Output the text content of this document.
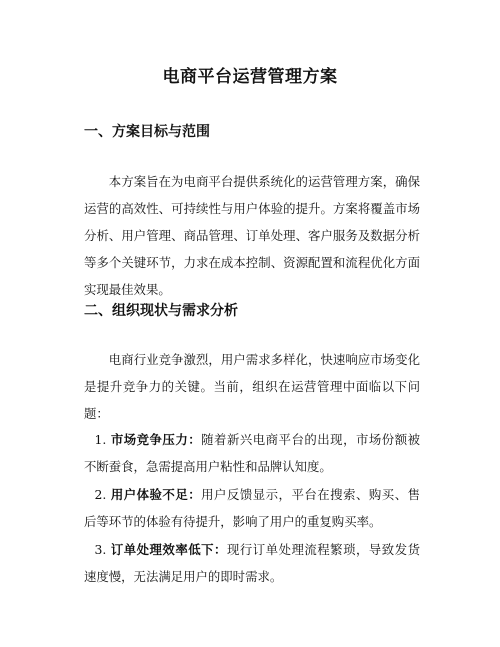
电商平台运营管理方案
一、方案目标与范围

本方案旨在为电商平台提供系统化的运营管理方案，确保运营的高效性、可持续性与用户体验的提升。方案将覆盖市场分析、用户管理、商品管理、订单处理、客户服务及数据分析等多个关键环节，力求在成本控制、资源配置和流程优化方面实现最佳效果。

二、组织现状与需求分析

电商行业竞争激烈，用户需求多样化，快速响应市场变化是提升竞争力的关键。当前，组织在运营管理中面临以下问题：

1. 市场竞争压力：随着新兴电商平台的出现，市场份额被不断蚕食，急需提高用户粘性和品牌认知度。

2. 用户体验不足：用户反馈显示，平台在搜索、购买、售后等环节的体验有待提升，影响了用户的重复购买率。

3. 订单处理效率低下：现行订单处理流程繁琐，导致发货速度慢，无法满足用户的即时需求。
